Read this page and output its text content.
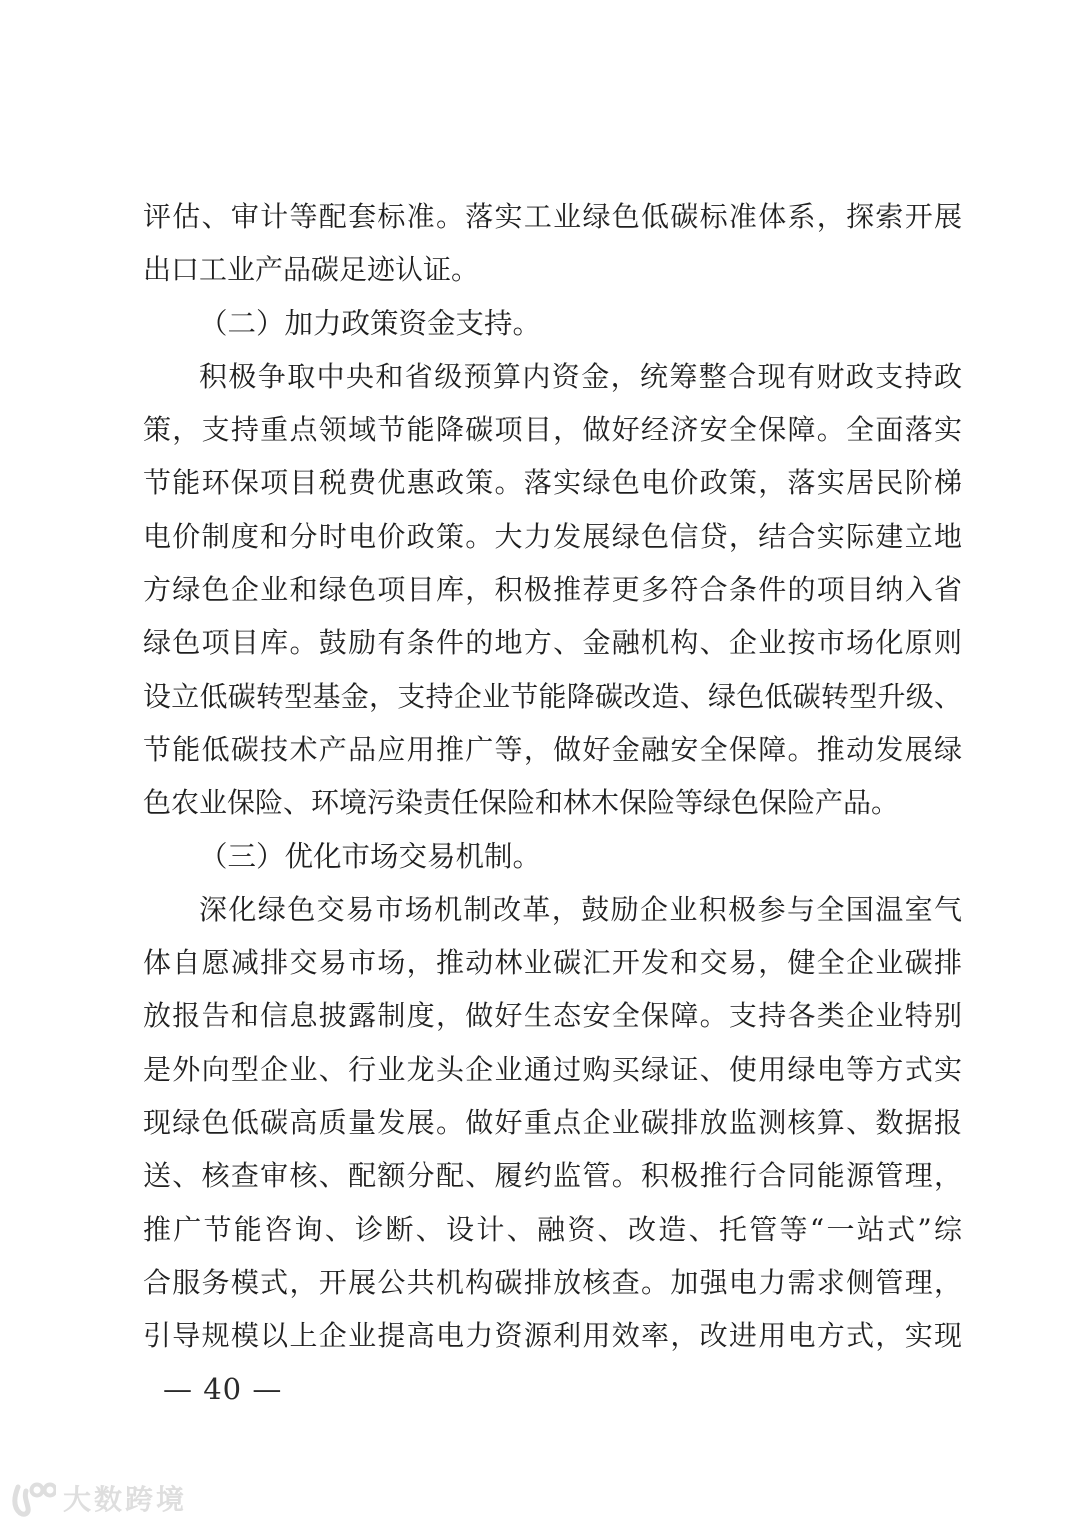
评估、审计等配套标准。落实工业绿色低碳标准体系，探索开展
出口工业产品碳足迹认证。
（二）加力政策资金支持。
积极争取中央和省级预算内资金，统筹整合现有财政支持政
策，支持重点领域节能降碳项目，做好经济安全保障。全面落实
节能环保项目税费优惠政策。落实绿色电价政策，落实居民阶梯
电价制度和分时电价政策。大力发展绿色信贷，结合实际建立地
方绿色企业和绿色项目库，积极推荐更多符合条件的项目纳入省
绿色项目库。鼓励有条件的地方、金融机构、企业按市场化原则
设立低碳转型基金，支持企业节能降碳改造、绿色低碳转型升级、
节能低碳技术产品应用推广等，做好金融安全保障。推动发展绿
色农业保险、环境污染责任保险和林木保险等绿色保险产品。
（三）优化市场交易机制。
深化绿色交易市场机制改革，鼓励企业积极参与全国温室气
体自愿减排交易市场，推动林业碳汇开发和交易，健全企业碳排
放报告和信息披露制度，做好生态安全保障。支持各类企业特别
是外向型企业、行业龙头企业通过购买绿证、使用绿电等方式实
现绿色低碳高质量发展。做好重点企业碳排放监测核算、数据报
送、核查审核、配额分配、履约监管。积极推行合同能源管理，
推广节能咨询、诊断、设计、融资、改造、托管等“一站式”综
合服务模式，开展公共机构碳排放核查。加强电力需求侧管理，
引导规模以上企业提高电力资源利用效率，改进用电方式，实现
— 40 —
大数跨境
